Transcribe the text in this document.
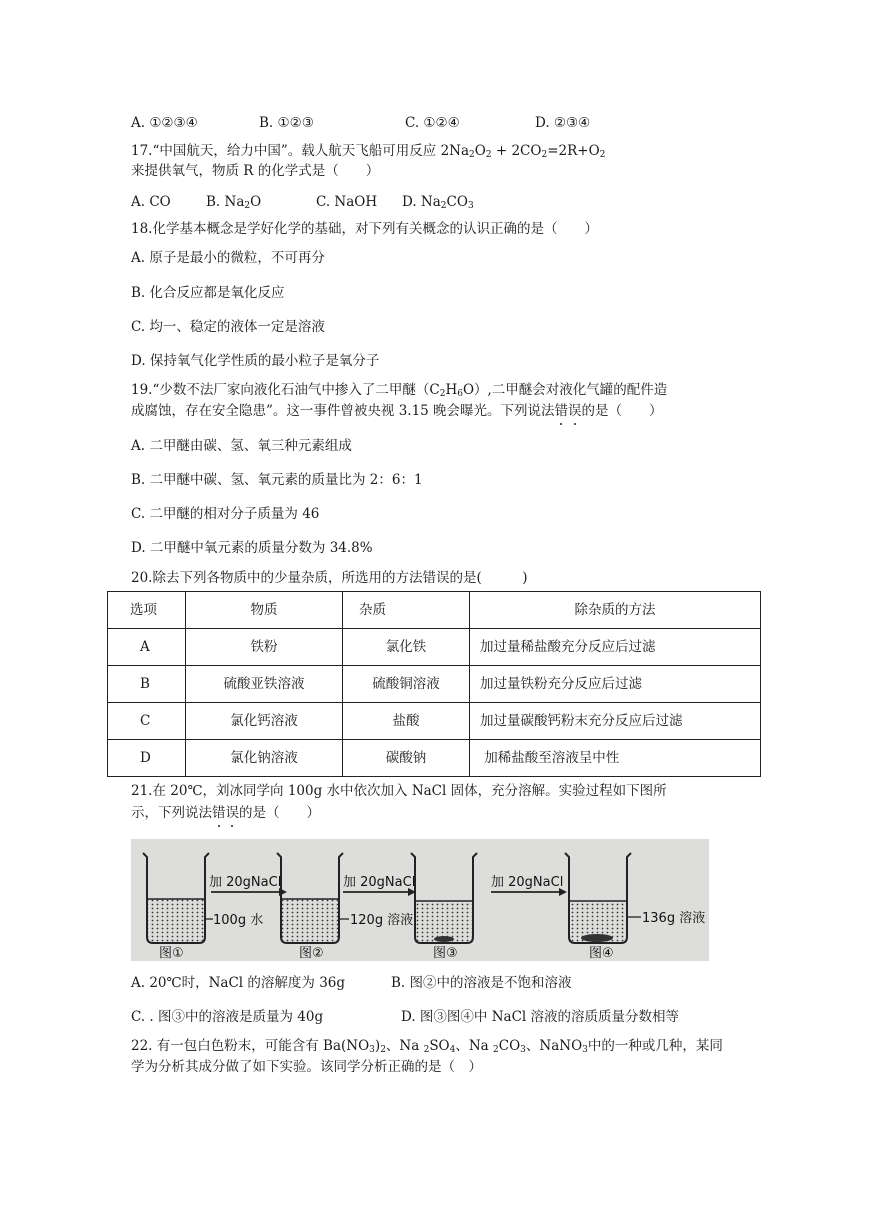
A. ①②③④	B. ①②③	C. ①②④	D. ②③④
17.“中国航天，给力中国”。载人航天飞船可用反应 $2Na_2O_2 + 2CO_2=2R+O_2$
来提供氧气，物质 R 的化学式是（　　）
A. CO	B. $Na_2O$	C. NaOH D. $Na_2CO_3$
18.化学基本概念是学好化学的基础，对下列有关概念的认识正确的是（　　）
A. 原子是最小的微粒，不可再分
B. 化合反应都是氧化反应
C. 均一、稳定的液体一定是溶液
D. 保持氧气化学性质的最小粒子是氧分子
19.“少数不法厂家向液化石油气中掺入了二甲醚$(C_2H_6O)$,二甲醚会对液化气罐的配件造
成腐蚀，存在安全隐患”。这一事件曾被央视 3.15 晚会曝光。下列说法错误的是（　　）
A. 二甲醚由碳、氢、氧三种元素组成
B. 二甲醚中碳、氢、氧元素的质量比为 2：6：1
C. 二甲醚的相对分子质量为 46
D. 二甲醚中氧元素的质量分数为 34.8%
20.除去下列各物质中的少量杂质，所选用的方法错误的是(　　　)
选项	物质	杂质	除杂质的方法
A	铁粉	氯化铁	加过量稀盐酸充分反应后过滤
B	硫酸亚铁溶液	硫酸铜溶液	加过量铁粉充分反应后过滤
C	氯化钙溶液	盐酸	加过量碳酸钙粉末充分反应后过滤
D	氯化钠溶液	碳酸钠	加稀盐酸至溶液呈中性
21.在 20℃，刘冰同学向 100g 水中依次加入 NaCl 固体，充分溶解。实验过程如下图所
示，下列说法错误的是（　　）
加 20gNaCl
100g 水
图①
加 20gNaCl
120g 溶液
图②
加 20gNaCl
图③
136g 溶液
图④
A. 20℃时，NaCl 的溶解度为 36g	B. 图②中的溶液是不饱和溶液
C. . 图③中的溶液是质量为 40g	D. 图③图④中 NaCl 溶液的溶质质量分数相等
22. 有一包白色粉末，可能含有 $Ba(NO_3)_2$、Na $_2SO_4$、Na $_2CO_3$、NaNO$_3$中的一种或几种，某同
学为分析其成分做了如下实验。该同学分析正确的是（　）
